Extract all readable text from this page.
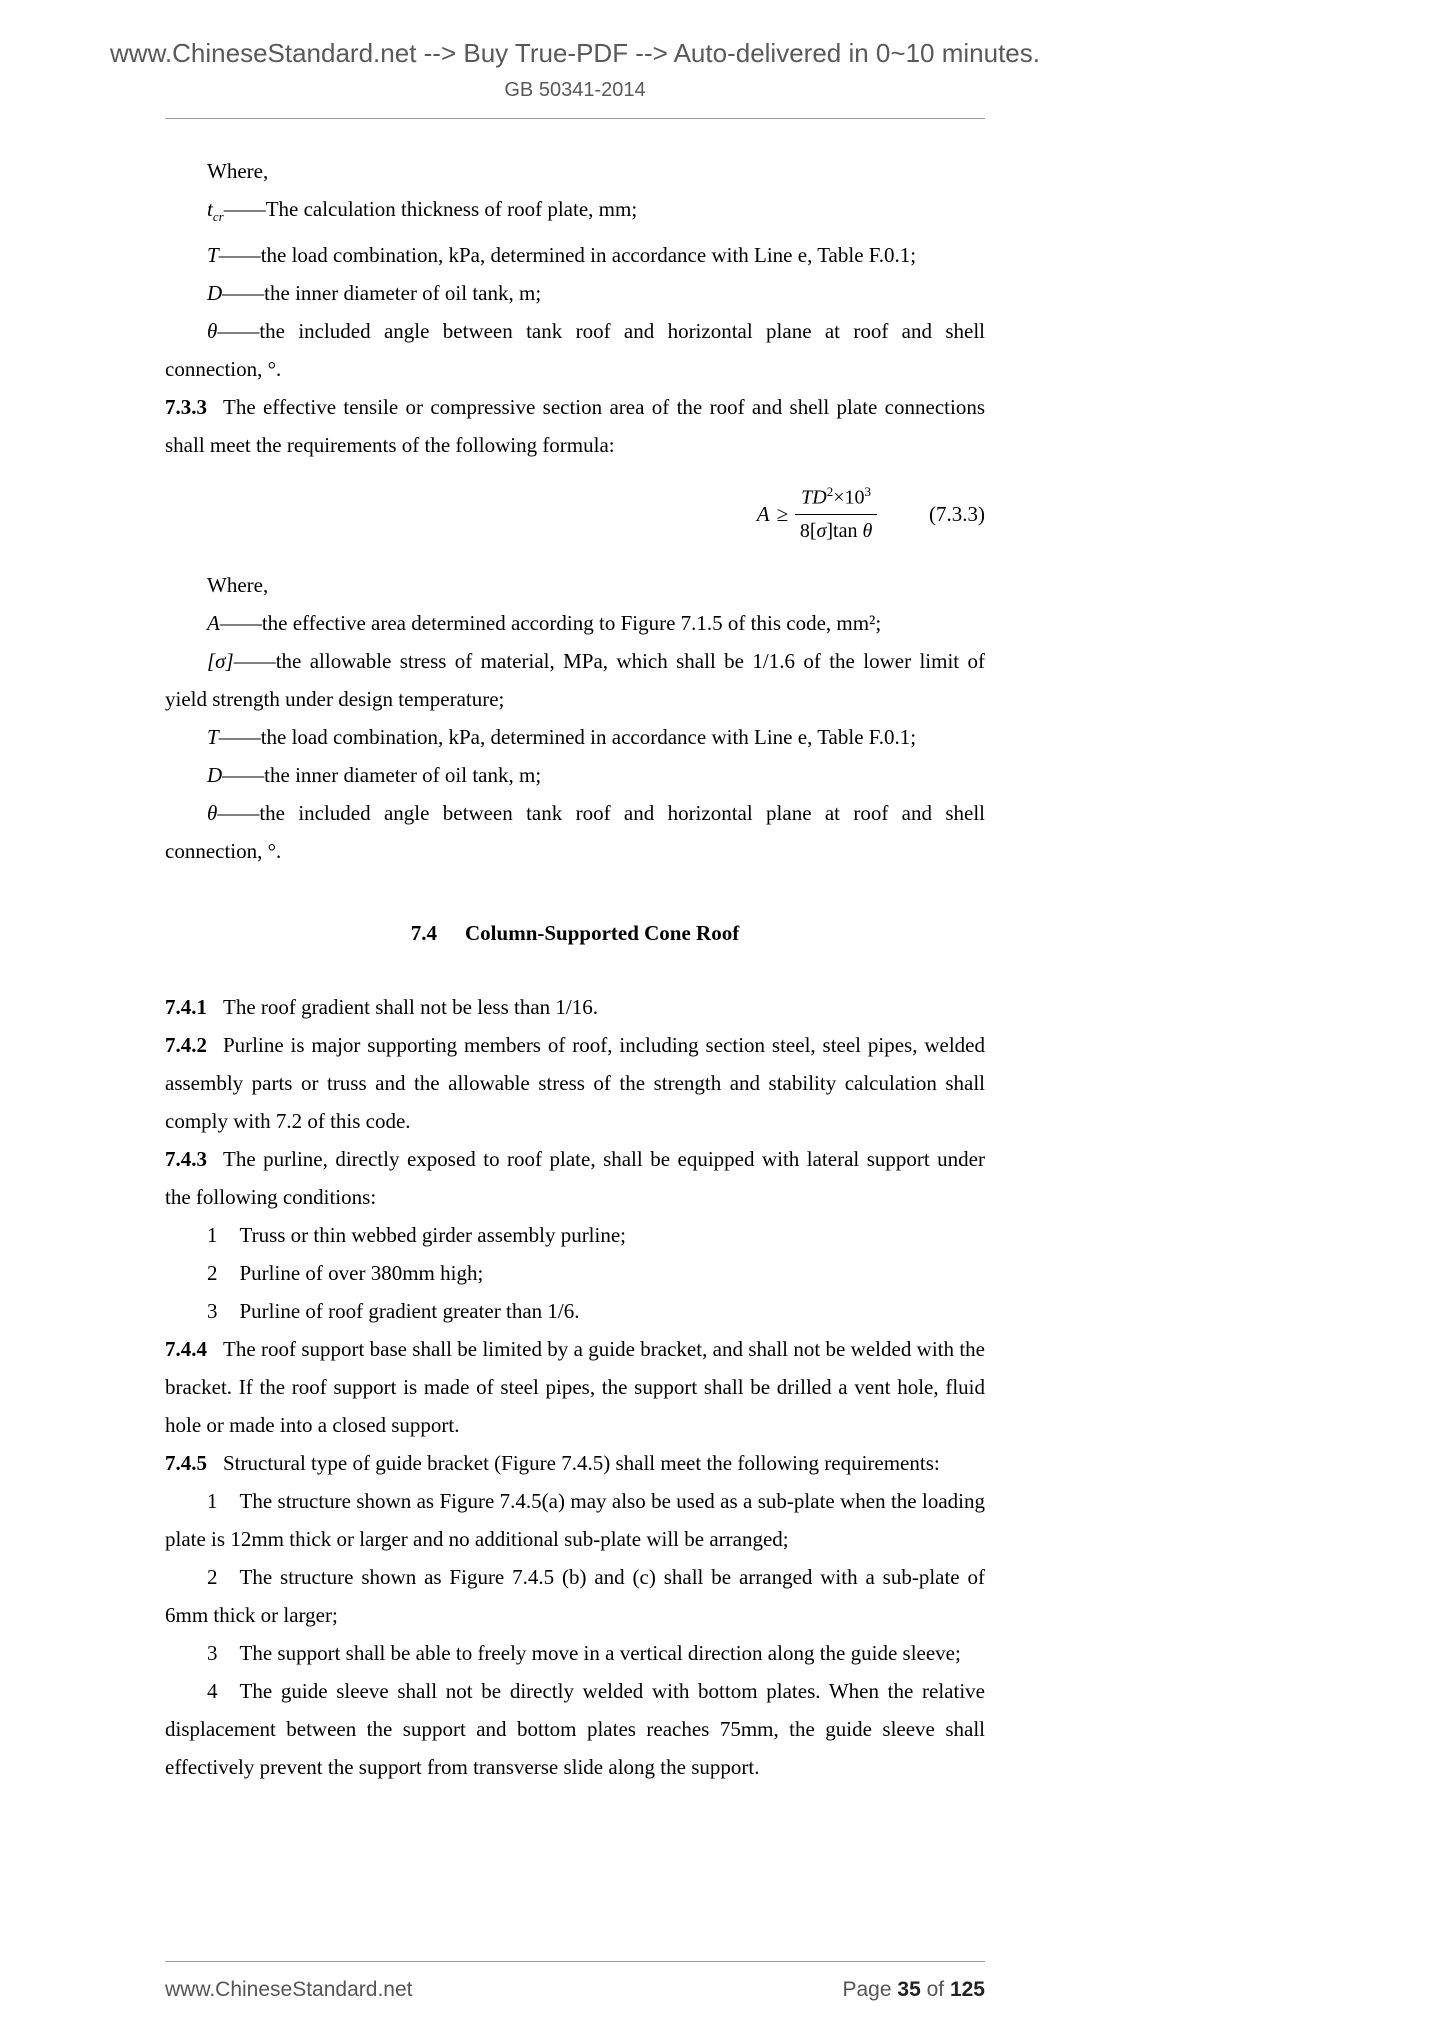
www.ChineseStandard.net --> Buy True-PDF --> Auto-delivered in 0~10 minutes.
GB 50341-2014

Where,

$t_{cr}——The$ calculation thickness of roof plate, mm;

T——the load combination, kPa, determined in accordance with Line e, Table F.0.1;

D——the inner diameter of oil tank, m;

θ——the included angle between tank roof and horizontal plane at roof and shell connection, °.

7.3.3 The effective tensile or compressive section area of the roof and shell plate connections shall meet the requirements of the following formula:

$A \ge \frac{TD^2\times 10^3}{\text{8[σ]tan θ}} (7.3.3)$

Where,

A——the effective area determined according to Figure 7.1.5 of this code, mm²;

[σ]——the allowable stress of material, MPa, which shall be 1/1.6 of the lower limit of yield strength under design temperature;

T——the load combination, kPa, determined in accordance with Line e, Table F.0.1;

D——the inner diameter of oil tank, m;

θ——the included angle between tank roof and horizontal plane at roof and shell connection, °.

7.4 Column-Supported Cone Roof

7.4.1 The roof gradient shall not be less than 1/16.

7.4.2 Purline is major supporting members of roof, including section steel, steel pipes, welded assembly parts or truss and the allowable stress of the strength and stability calculation shall comply with 7.2 of this code.

7.4.3 The purline, directly exposed to roof plate, shall be equipped with lateral support under the following conditions:

1 Truss or thin webbed girder assembly purline;

2 Purline of over 380mm high;

3 Purline of roof gradient greater than 1/6.

7.4.4 The roof support base shall be limited by a guide bracket, and shall not be welded with the bracket. If the roof support is made of steel pipes, the support shall be drilled a vent hole, fluid hole or made into a closed support.

7.4.5 Structural type of guide bracket (Figure 7.4.5) shall meet the following requirements:

1 The structure shown as Figure 7.4.5(a) may also be used as a sub-plate when the loading plate is 12mm thick or larger and no additional sub-plate will be arranged;

2 The structure shown as Figure 7.4.5 (b) and (c) shall be arranged with a sub-plate of 6mm thick or larger;

3 The support shall be able to freely move in a vertical direction along the guide sleeve;

4 The guide sleeve shall not be directly welded with bottom plates. When the relative displacement between the support and bottom plates reaches 75mm, the guide sleeve shall effectively prevent the support from transverse slide along the support.

www.ChineseStandard.net	Page 35 of 125
